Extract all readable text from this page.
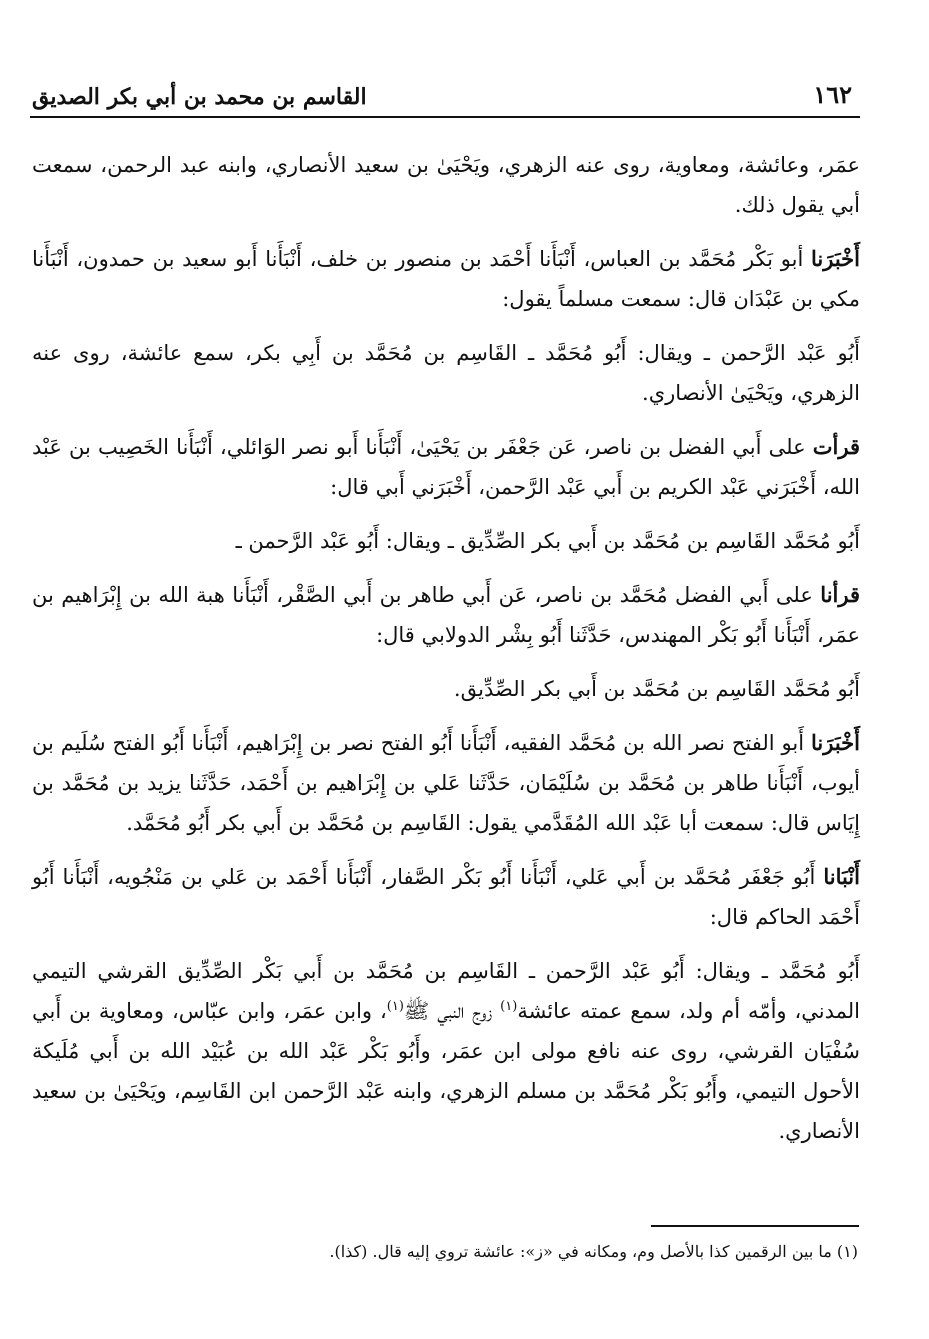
١٦٢
القاسم بن محمد بن أبي بكر الصديق

عمَر، وعائشة، ومعاوية، روى عنه الزهري، ويَحْيَىٰ بن سعيد الأنصاري، وابنه عبد الرحمن، سمعت أبي يقول ذلك.

أَخْبَرَنا أبو بَكْر مُحَمَّد بن العباس، أَنْبَأَنا أَحْمَد بن منصور بن خلف، أَنْبَأَنا أَبو سعيد بن حمدون، أَنْبَأَنا مكي بن عَبْدَان قال: سمعت مسلماً يقول:

أَبُو عَبْد الرَّحمن ـ ويقال: أَبُو مُحَمَّد ـ القَاسِم بن مُحَمَّد بن أَبِي بكر، سمع عائشة، روى عنه الزهري، ويَحْيَىٰ الأنصاري.

قرأت على أَبي الفضل بن ناصر، عَن جَعْفَر بن يَحْيَىٰ، أَنْبَأَنا أَبو نصر الوَائلي، أَنْبَأَنا الخَصِيب بن عَبْد الله، أَخْبَرَني عَبْد الكريم بن أَبي عَبْد الرَّحمن، أَخْبَرَني أَبي قال:

أَبُو مُحَمَّد القَاسِم بن مُحَمَّد بن أَبي بكر الصِّدِّيق ـ ويقال: أَبُو عَبْد الرَّحمن ـ

قرأنا على أَبي الفضل مُحَمَّد بن ناصر، عَن أَبي طاهر بن أَبي الصَّقْر، أَنْبَأَنا هبة الله بن إِبْرَاهيم بن عمَر، أَنْبَأَنا أَبُو بَكْر المهندس، حَدَّثَنا أَبُو بِشْر الدولابي قال:

أَبُو مُحَمَّد القَاسِم بن مُحَمَّد بن أَبي بكر الصِّدِّيق.

أَخْبَرَنا أَبو الفتح نصر الله بن مُحَمَّد الفقيه، أَنْبَأَنا أَبُو الفتح نصر بن إِبْرَاهيم، أَنْبَأَنا أَبُو الفتح سُلَيم بن أيوب، أَنْبَأَنا طاهر بن مُحَمَّد بن سُلَيْمَان، حَدَّثَنا عَلي بن إِبْرَاهيم بن أَحْمَد، حَدَّثَنا يزيد بن مُحَمَّد بن إِيَاس قال: سمعت أبا عَبْد الله المُقَدَّمي يقول: القَاسِم بن مُحَمَّد بن أَبي بكر أَبُو مُحَمَّد.

أَنْبَانا أَبُو جَعْفَر مُحَمَّد بن أَبي عَلي، أَنْبَأَنا أَبُو بَكْر الصَّفار، أَنْبَأَنا أَحْمَد بن عَلي بن مَنْجُويه، أَنْبَأَنا أَبُو أَحْمَد الحاكم قال:

أَبُو مُحَمَّد ـ ويقال: أَبُو عَبْد الرَّحمن ـ القَاسِم بن مُحَمَّد بن أَبي بَكْر الصِّدِّيق القرشي التيمي المدني، وأمّه أم ولد، سمع عمته عائشة$^{(١)}$ زوج النبي ﷺ$^{(١)}$، وابن عمَر، وابن عبّاس، ومعاوية بن أَبي سُفْيَان القرشي، روى عنه نافع مولى ابن عمَر، وأَبُو بَكْر عَبْد الله بن عُبَيْد الله بن أَبي مُلَيكة الأحول التيمي، وأَبُو بَكْر مُحَمَّد بن مسلم الزهري، وابنه عَبْد الرَّحمن ابن القَاسِم، ويَحْيَىٰ بن سعيد الأنصاري.

(١) ما بين الرقمين كذا بالأصل وم، ومكانه في «ز»: عائشة تروي إليه قال. (كذا).
